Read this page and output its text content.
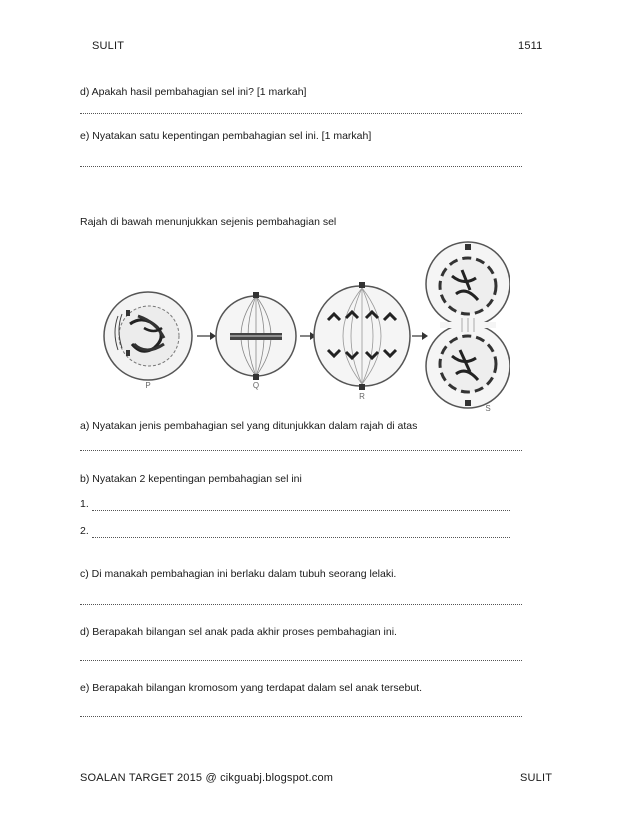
SULIT	1511
d) Apakah hasil pembahagian sel ini? [1 markah]
e) Nyatakan satu kepentingan pembahagian sel ini. [1 markah]
Rajah di bawah menunjukkan sejenis pembahagian sel
P	Q
R
S
a) Nyatakan jenis pembahagian sel yang ditunjukkan dalam rajah di atas
b) Nyatakan 2 kepentingan pembahagian sel ini
1.
2.
c) Di manakah pembahagian ini berlaku dalam tubuh seorang lelaki.
d) Berapakah bilangan sel anak pada akhir proses pembahagian ini.
e) Berapakah bilangan kromosom yang terdapat dalam sel anak tersebut.
SOALAN TARGET 2015 @ cikguabj.blogspot.com	SULIT
